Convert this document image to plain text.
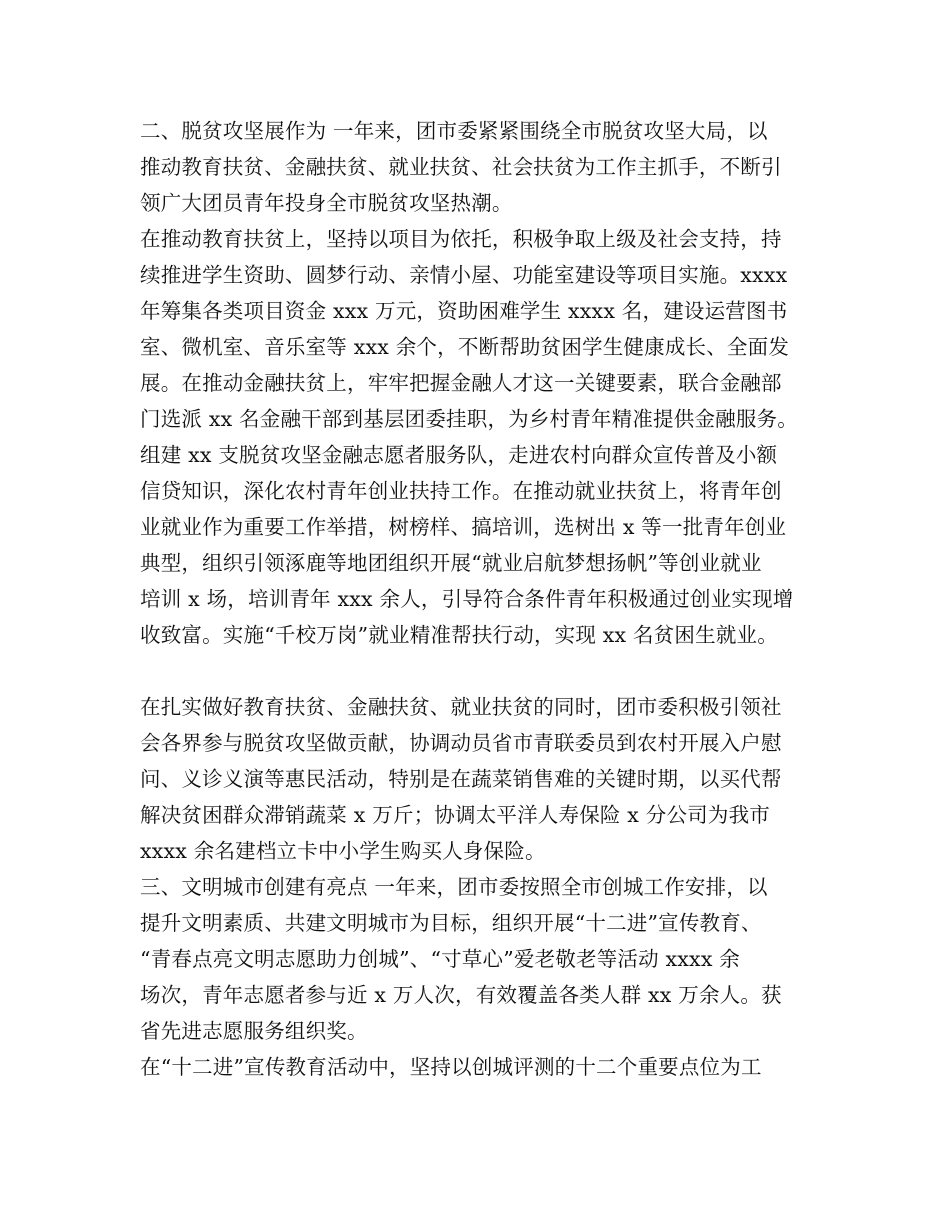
二、脱贫攻坚展作为 一年来，团市委紧紧围绕全市脱贫攻坚大局，以
推动教育扶贫、金融扶贫、就业扶贫、社会扶贫为工作主抓手，不断引
领广大团员青年投身全市脱贫攻坚热潮。
在推动教育扶贫上，坚持以项目为依托，积极争取上级及社会支持，持
续推进学生资助、圆梦行动、亲情小屋、功能室建设等项目实施。xxxx
年筹集各类项目资金 xxx 万元，资助困难学生 xxxx 名，建设运营图书
室、微机室、音乐室等 xxx 余个，不断帮助贫困学生健康成长、全面发
展。在推动金融扶贫上，牢牢把握金融人才这一关键要素，联合金融部
门选派 xx 名金融干部到基层团委挂职，为乡村青年精准提供金融服务。
组建 xx 支脱贫攻坚金融志愿者服务队，走进农村向群众宣传普及小额
信贷知识，深化农村青年创业扶持工作。在推动就业扶贫上，将青年创
业就业作为重要工作举措，树榜样、搞培训，选树出 x 等一批青年创业
典型，组织引领涿鹿等地团组织开展“就业启航梦想扬帆”等创业就业
培训 x 场，培训青年 xxx 余人，引导符合条件青年积极通过创业实现增
收致富。实施“千校万岗”就业精准帮扶行动，实现 xx 名贫困生就业。
在扎实做好教育扶贫、金融扶贫、就业扶贫的同时，团市委积极引领社
会各界参与脱贫攻坚做贡献，协调动员省市青联委员到农村开展入户慰
问、义诊义演等惠民活动，特别是在蔬菜销售难的关键时期，以买代帮
解决贫困群众滞销蔬菜 x 万斤；协调太平洋人寿保险 x 分公司为我市
xxxx 余名建档立卡中小学生购买人身保险。
三、文明城市创建有亮点 一年来，团市委按照全市创城工作安排，以
提升文明素质、共建文明城市为目标，组织开展“十二进”宣传教育、
“青春点亮文明志愿助力创城”、“寸草心”爱老敬老等活动 xxxx 余
场次，青年志愿者参与近 x 万人次，有效覆盖各类人群 xx 万余人。获
省先进志愿服务组织奖。
在“十二进”宣传教育活动中，坚持以创城评测的十二个重要点位为工
